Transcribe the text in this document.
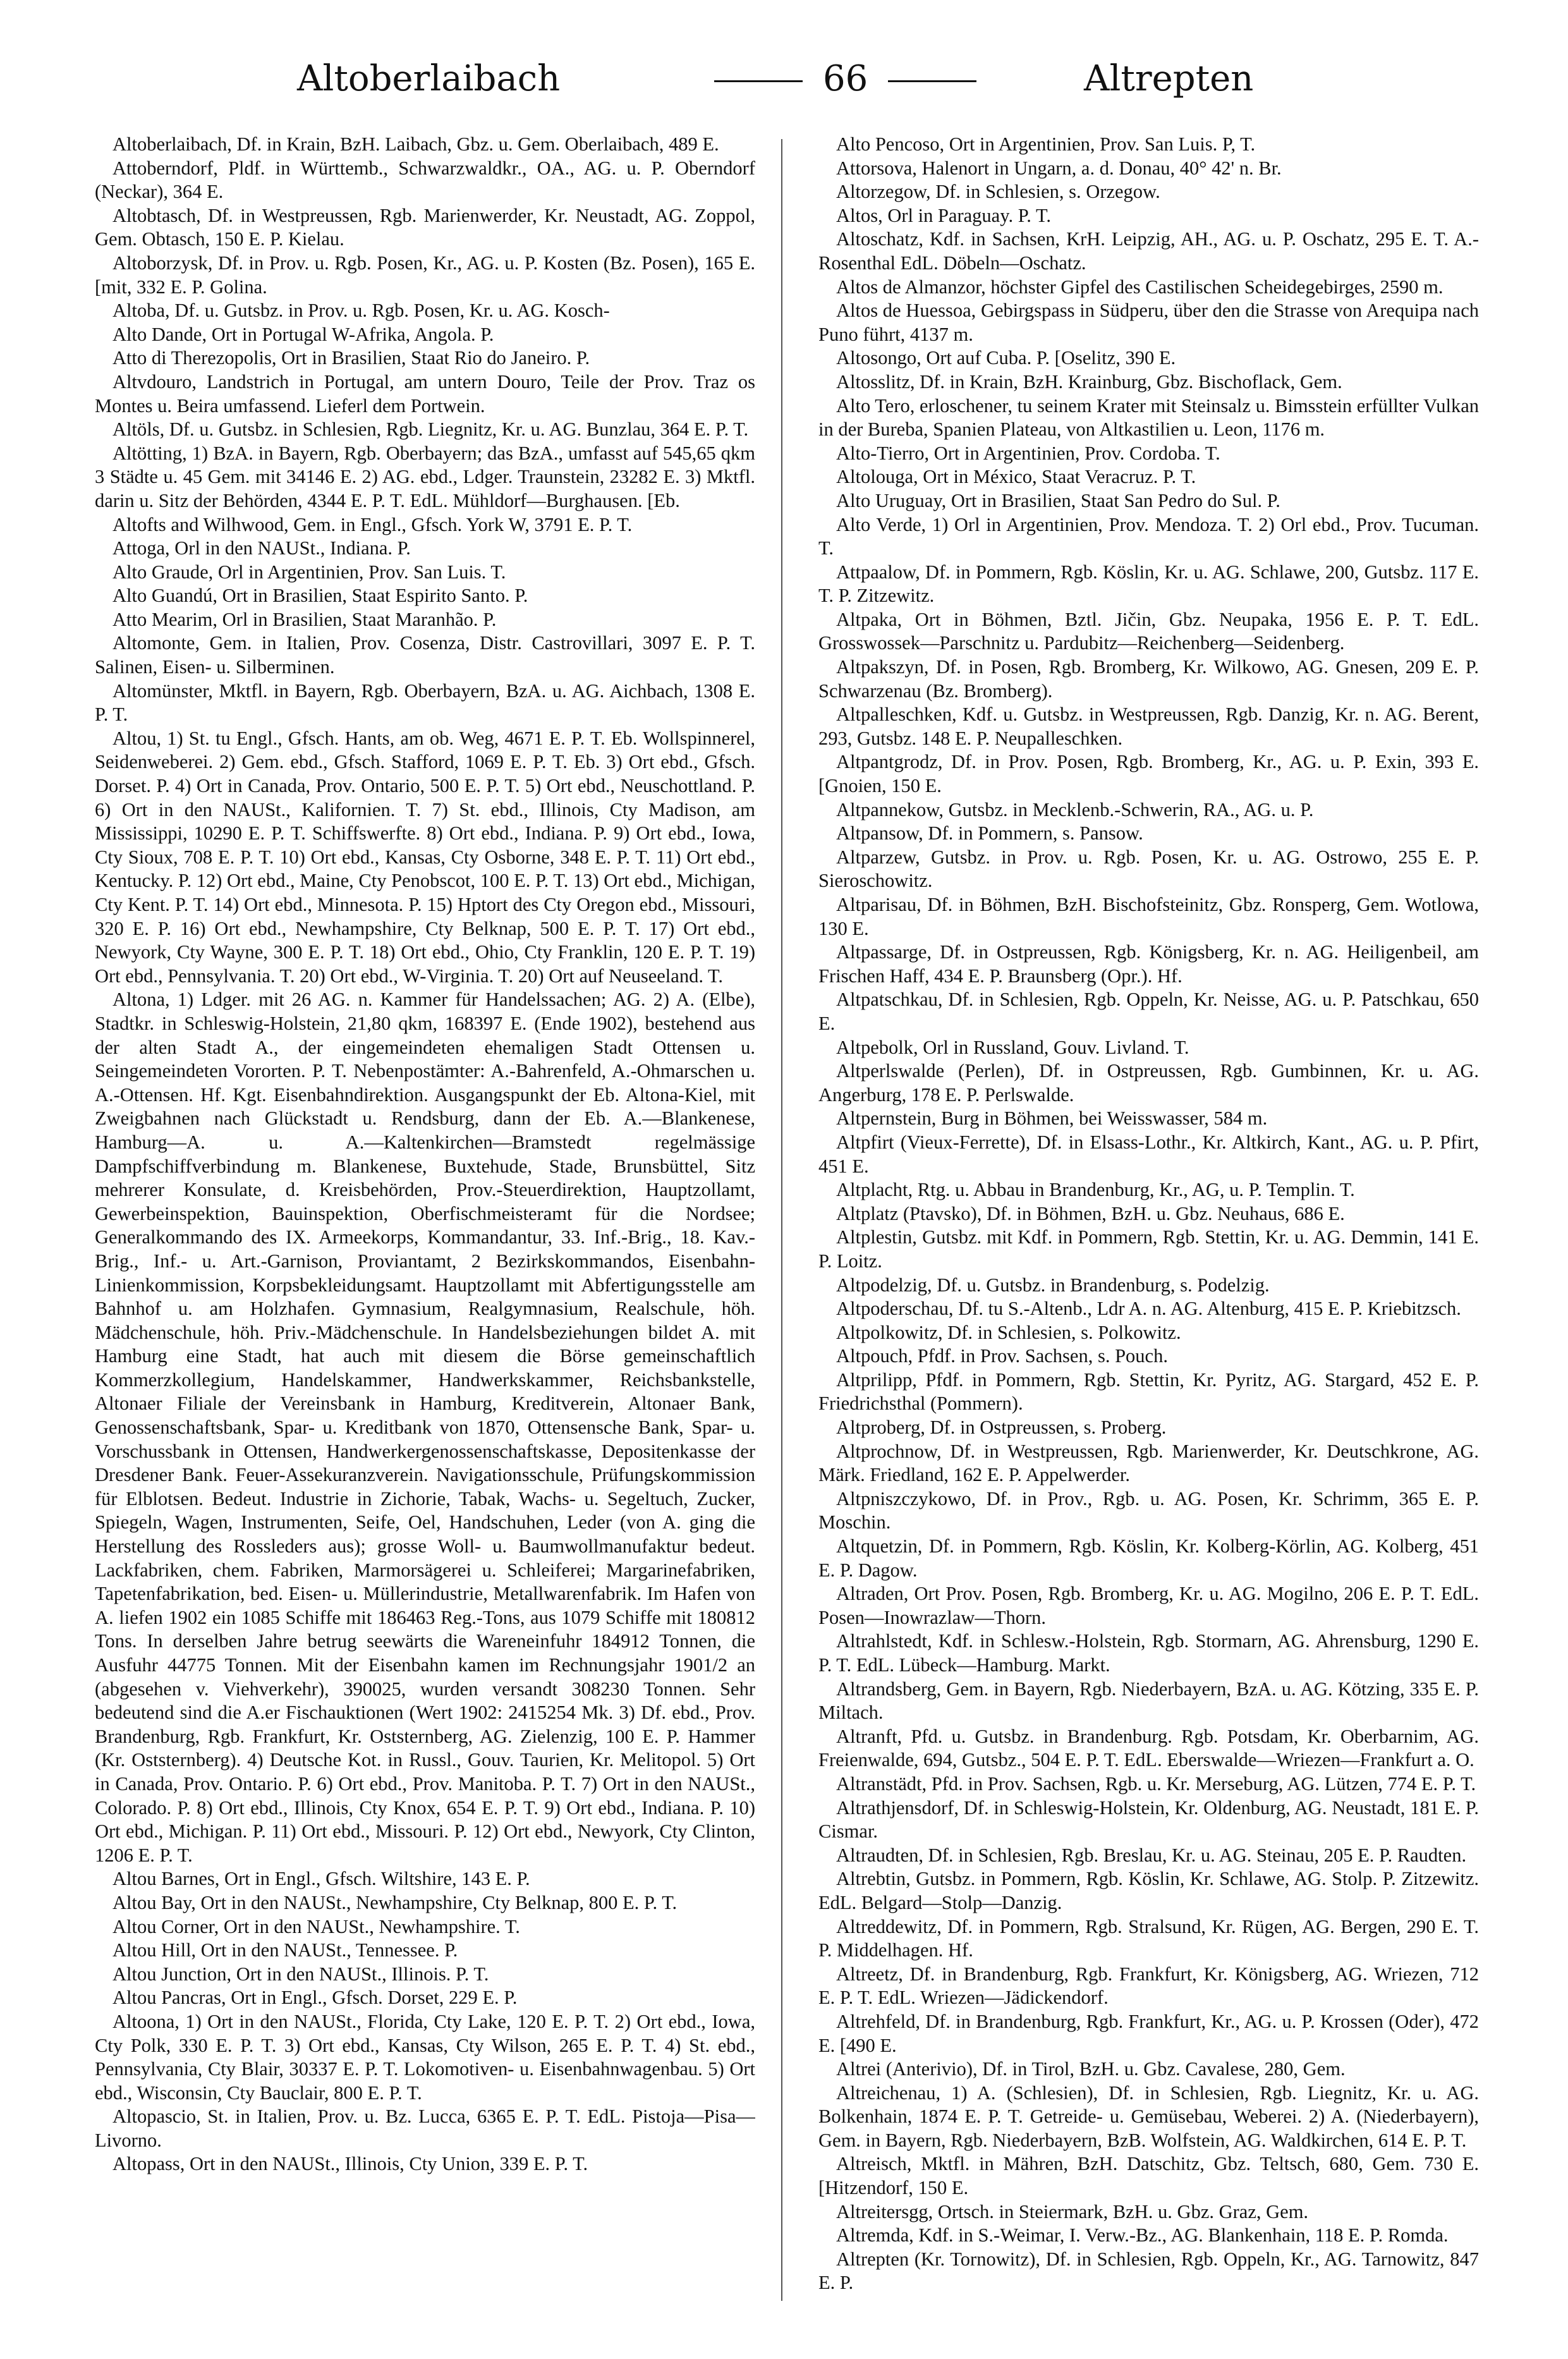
Altoberlaibach	66	Altrepten

Altoberlaibach, Df. in Krain, BzH. Laibach, Gbz. u. Gem. Oberlaibach, 489 E.

Attoberndorf, Pldf. in Württemb., Schwarzwaldkr., OA., AG. u. P. Oberndorf (Neckar), 364 E.

Altobtasch, Df. in Westpreussen, Rgb. Marienwerder, Kr. Neustadt, AG. Zoppol, Gem. Obtasch, 150 E. P. Kielau.

Altoborzysk, Df. in Prov. u. Rgb. Posen, Kr., AG. u. P. Kosten (Bz. Posen), 165 E. [mit, 332 E. P. Golina.

Altoba, Df. u. Gutsbz. in Prov. u. Rgb. Posen, Kr. u. AG. Kosch-

Alto Dande, Ort in Portugal W-Afrika, Angola. P.

Atto di Therezopolis, Ort in Brasilien, Staat Rio do Janeiro. P.

Altvdouro, Landstrich in Portugal, am untern Douro, Teile der Prov. Traz os Montes u. Beira umfassend. Lieferl dem Portwein.

Altöls, Df. u. Gutsbz. in Schlesien, Rgb. Liegnitz, Kr. u. AG. Bunzlau, 364 E. P. T.

Altötting, 1) BzA. in Bayern, Rgb. Oberbayern; das BzA., umfasst auf 545,65 qkm 3 Städte u. 45 Gem. mit 34146 E. 2) AG. ebd., Ldger. Traunstein, 23282 E. 3) Mktfl. darin u. Sitz der Behörden, 4344 E. P. T. EdL. Mühldorf—Burghausen. [Eb.

Altofts and Wilhwood, Gem. in Engl., Gfsch. York W, 3791 E. P. T.

Attoga, Orl in den NAUSt., Indiana. P.

Alto Graude, Orl in Argentinien, Prov. San Luis. T.

Alto Guandú, Ort in Brasilien, Staat Espirito Santo. P.

Atto Mearim, Orl in Brasilien, Staat Maranhão. P.

Altomonte, Gem. in Italien, Prov. Cosenza, Distr. Castrovillari, 3097 E. P. T. Salinen, Eisen- u. Silberminen.

Altomünster, Mktfl. in Bayern, Rgb. Oberbayern, BzA. u. AG. Aichbach, 1308 E. P. T.

Altou, 1) St. tu Engl., Gfsch. Hants, am ob. Weg, 4671 E. P. T. Eb. Wollspinnerel, Seidenweberei. 2) Gem. ebd., Gfsch. Stafford, 1069 E. P. T. Eb. 3) Ort ebd., Gfsch. Dorset. P. 4) Ort in Canada, Prov. Ontario, 500 E. P. T. 5) Ort ebd., Neuschottland. P. 6) Ort in den NAUSt., Kalifornien. T. 7) St. ebd., Illinois, Cty Madison, am Mississippi, 10290 E. P. T. Schiffswerfte. 8) Ort ebd., Indiana. P. 9) Ort ebd., Iowa, Cty Sioux, 708 E. P. T. 10) Ort ebd., Kansas, Cty Osborne, 348 E. P. T. 11) Ort ebd., Kentucky. P. 12) Ort ebd., Maine, Cty Penobscot, 100 E. P. T. 13) Ort ebd., Michigan, Cty Kent. P. T. 14) Ort ebd., Minnesota. P. 15) Hptort des Cty Oregon ebd., Missouri, 320 E. P. 16) Ort ebd., Newhampshire, Cty Belknap, 500 E. P. T. 17) Ort ebd., Newyork, Cty Wayne, 300 E. P. T. 18) Ort ebd., Ohio, Cty Franklin, 120 E. P. T. 19) Ort ebd., Pennsylvania. T. 20) Ort ebd., W-Virginia. T. 20) Ort auf Neuseeland. T.

Altona, 1) Ldger. mit 26 AG. n. Kammer für Handelssachen; AG. 2) A. (Elbe), Stadtkr. in Schleswig-Holstein, 21,80 qkm, 168397 E. (Ende 1902), bestehend aus der alten Stadt A., der eingemeindeten ehemaligen Stadt Ottensen u. Seingemeindeten Vororten. P. T. Nebenpostämter: A.-Bahrenfeld, A.-Ohmarschen u. A.-Ottensen. Hf. Kgt. Eisenbahndirektion. Ausgangspunkt der Eb. Altona-Kiel, mit Zweigbahnen nach Glückstadt u. Rendsburg, dann der Eb. A.—Blankenese, Hamburg—A. u. A.—Kaltenkirchen—Bramstedt regelmässige Dampfschiffverbindung m. Blankenese, Buxtehude, Stade, Brunsbüttel, Sitz mehrerer Konsulate, d. Kreisbehörden, Prov.-Steuerdirektion, Hauptzollamt, Gewerbeinspektion, Bauinspektion, Oberfischmeisteramt für die Nordsee; Generalkommando des IX. Armeekorps, Kommandantur, 33. Inf.-Brig., 18. Kav.-Brig., Inf.- u. Art.-Garnison, Proviantamt, 2 Bezirkskommandos, Eisenbahn-Linienkommission, Korpsbekleidungsamt. Hauptzollamt mit Abfertigungsstelle am Bahnhof u. am Holzhafen. Gymnasium, Realgymnasium, Realschule, höh. Mädchenschule, höh. Priv.-Mädchenschule. In Handelsbeziehungen bildet A. mit Hamburg eine Stadt, hat auch mit diesem die Börse gemeinschaftlich Kommerzkollegium, Handelskammer, Handwerkskammer, Reichsbankstelle, Altonaer Filiale der Vereinsbank in Hamburg, Kreditverein, Altonaer Bank, Genossenschaftsbank, Spar- u. Kreditbank von 1870, Ottensensche Bank, Spar- u. Vorschussbank in Ottensen, Handwerkergenossenschaftskasse, Depositenkasse der Dresdener Bank. Feuer-Assekuranzverein. Navigationsschule, Prüfungskommission für Elblotsen. Bedeut. Industrie in Zichorie, Tabak, Wachs- u. Segeltuch, Zucker, Spiegeln, Wagen, Instrumenten, Seife, Oel, Handschuhen, Leder (von A. ging die Herstellung des Rossleders aus); grosse Woll- u. Baumwollmanufaktur bedeut. Lackfabriken, chem. Fabriken, Marmorsägerei u. Schleiferei; Margarinefabriken, Tapetenfabrikation, bed. Eisen- u. Müllerindustrie, Metallwarenfabrik. Im Hafen von A. liefen 1902 ein 1085 Schiffe mit 186463 Reg.-Tons, aus 1079 Schiffe mit 180812 Tons. In derselben Jahre betrug seewärts die Wareneinfuhr 184912 Tonnen, die Ausfuhr 44775 Tonnen. Mit der Eisenbahn kamen im Rechnungsjahr 1901/2 an (abgesehen v. Viehverkehr), 390025, wurden versandt 308230 Tonnen. Sehr bedeutend sind die A.er Fischauktionen (Wert 1902: 2415254 Mk. 3) Df. ebd., Prov. Brandenburg, Rgb. Frankfurt, Kr. Oststernberg, AG. Zielenzig, 100 E. P. Hammer (Kr. Oststernberg). 4) Deutsche Kot. in Russl., Gouv. Taurien, Kr. Melitopol. 5) Ort in Canada, Prov. Ontario. P. 6) Ort ebd., Prov. Manitoba. P. T. 7) Ort in den NAUSt., Colorado. P. 8) Ort ebd., Illinois, Cty Knox, 654 E. P. T. 9) Ort ebd., Indiana. P. 10) Ort ebd., Michigan. P. 11) Ort ebd., Missouri. P. 12) Ort ebd., Newyork, Cty Clinton, 1206 E. P. T.

Altou Barnes, Ort in Engl., Gfsch. Wiltshire, 143 E. P.

Altou Bay, Ort in den NAUSt., Newhampshire, Cty Belknap, 800 E. P. T.

Altou Corner, Ort in den NAUSt., Newhampshire. T.

Altou Hill, Ort in den NAUSt., Tennessee. P.

Altou Junction, Ort in den NAUSt., Illinois. P. T.

Altou Pancras, Ort in Engl., Gfsch. Dorset, 229 E. P.

Altoona, 1) Ort in den NAUSt., Florida, Cty Lake, 120 E. P. T. 2) Ort ebd., Iowa, Cty Polk, 330 E. P. T. 3) Ort ebd., Kansas, Cty Wilson, 265 E. P. T. 4) St. ebd., Pennsylvania, Cty Blair, 30337 E. P. T. Lokomotiven- u. Eisenbahnwagenbau. 5) Ort ebd., Wisconsin, Cty Bauclair, 800 E. P. T.

Altopascio, St. in Italien, Prov. u. Bz. Lucca, 6365 E. P. T. EdL. Pistoja—Pisa—Livorno.

Altopass, Ort in den NAUSt., Illinois, Cty Union, 339 E. P. T.

Alto Pencoso, Ort in Argentinien, Prov. San Luis. P, T.

Attorsova, Halenort in Ungarn, a. d. Donau, 40° 42' n. Br.

Altorzegow, Df. in Schlesien, s. Orzegow.

Altos, Orl in Paraguay. P. T.

Altoschatz, Kdf. in Sachsen, KrH. Leipzig, AH., AG. u. P. Oschatz, 295 E. T. A.-Rosenthal EdL. Döbeln—Oschatz.

Altos de Almanzor, höchster Gipfel des Castilischen Scheidegebirges, 2590 m.

Altos de Huessoa, Gebirgspass in Südperu, über den die Strasse von Arequipa nach Puno führt, 4137 m.

Altosongo, Ort auf Cuba. P. [Oselitz, 390 E.

Altosslitz, Df. in Krain, BzH. Krainburg, Gbz. Bischoflack, Gem.

Alto Tero, erloschener, tu seinem Krater mit Steinsalz u. Bimsstein erfüllter Vulkan in der Bureba, Spanien Plateau, von Altkastilien u. Leon, 1176 m.

Alto-Tierro, Ort in Argentinien, Prov. Cordoba. T.

Altolouga, Ort in México, Staat Veracruz. P. T.

Alto Uruguay, Ort in Brasilien, Staat San Pedro do Sul. P.

Alto Verde, 1) Orl in Argentinien, Prov. Mendoza. T. 2) Orl ebd., Prov. Tucuman. T.

Attpaalow, Df. in Pommern, Rgb. Köslin, Kr. u. AG. Schlawe, 200, Gutsbz. 117 E. T. P. Zitzewitz.

Altpaka, Ort in Böhmen, Bztl. Jičin, Gbz. Neupaka, 1956 E. P. T. EdL. Grosswossek—Parschnitz u. Pardubitz—Reichenberg—Seidenberg.

Altpakszyn, Df. in Posen, Rgb. Bromberg, Kr. Wilkowo, AG. Gnesen, 209 E. P. Schwarzenau (Bz. Bromberg).

Altpalleschken, Kdf. u. Gutsbz. in Westpreussen, Rgb. Danzig, Kr. n. AG. Berent, 293, Gutsbz. 148 E. P. Neupalleschken.

Altpantgrodz, Df. in Prov. Posen, Rgb. Bromberg, Kr., AG. u. P. Exin, 393 E. [Gnoien, 150 E.

Altpannekow, Gutsbz. in Mecklenb.-Schwerin, RA., AG. u. P.

Altpansow, Df. in Pommern, s. Pansow.

Altparzew, Gutsbz. in Prov. u. Rgb. Posen, Kr. u. AG. Ostrowo, 255 E. P. Sieroschowitz.

Altparisau, Df. in Böhmen, BzH. Bischofsteinitz, Gbz. Ronsperg, Gem. Wotlowa, 130 E.

Altpassarge, Df. in Ostpreussen, Rgb. Königsberg, Kr. n. AG. Heiligenbeil, am Frischen Haff, 434 E. P. Braunsberg (Opr.). Hf.

Altpatschkau, Df. in Schlesien, Rgb. Oppeln, Kr. Neisse, AG. u. P. Patschkau, 650 E.

Altpebolk, Orl in Russland, Gouv. Livland. T.

Altperlswalde (Perlen), Df. in Ostpreussen, Rgb. Gumbinnen, Kr. u. AG. Angerburg, 178 E. P. Perlswalde.

Altpernstein, Burg in Böhmen, bei Weisswasser, 584 m.

Altpfirt (Vieux-Ferrette), Df. in Elsass-Lothr., Kr. Altkirch, Kant., AG. u. P. Pfirt, 451 E.

Altplacht, Rtg. u. Abbau in Brandenburg, Kr., AG, u. P. Templin. T.

Altplatz (Ptavsko), Df. in Böhmen, BzH. u. Gbz. Neuhaus, 686 E.

Altplestin, Gutsbz. mit Kdf. in Pommern, Rgb. Stettin, Kr. u. AG. Demmin, 141 E. P. Loitz.

Altpodelzig, Df. u. Gutsbz. in Brandenburg, s. Podelzig.

Altpoderschau, Df. tu S.-Altenb., Ldr A. n. AG. Altenburg, 415 E. P. Kriebitzsch.

Altpolkowitz, Df. in Schlesien, s. Polkowitz.

Altpouch, Pfdf. in Prov. Sachsen, s. Pouch.

Altprilipp, Pfdf. in Pommern, Rgb. Stettin, Kr. Pyritz, AG. Stargard, 452 E. P. Friedrichsthal (Pommern).

Altproberg, Df. in Ostpreussen, s. Proberg.

Altprochnow, Df. in Westpreussen, Rgb. Marienwerder, Kr. Deutschkrone, AG. Märk. Friedland, 162 E. P. Appelwerder.

Altpniszczykowo, Df. in Prov., Rgb. u. AG. Posen, Kr. Schrimm, 365 E. P. Moschin.

Altquetzin, Df. in Pommern, Rgb. Köslin, Kr. Kolberg-Körlin, AG. Kolberg, 451 E. P. Dagow.

Altraden, Ort Prov. Posen, Rgb. Bromberg, Kr. u. AG. Mogilno, 206 E. P. T. EdL. Posen—Inowrazlaw—Thorn.

Altrahlstedt, Kdf. in Schlesw.-Holstein, Rgb. Stormarn, AG. Ahrensburg, 1290 E. P. T. EdL. Lübeck—Hamburg. Markt.

Altrandsberg, Gem. in Bayern, Rgb. Niederbayern, BzA. u. AG. Kötzing, 335 E. P. Miltach.

Altranft, Pfd. u. Gutsbz. in Brandenburg. Rgb. Potsdam, Kr. Oberbarnim, AG. Freienwalde, 694, Gutsbz., 504 E. P. T. EdL. Eberswalde—Wriezen—Frankfurt a. O.

Altranstädt, Pfd. in Prov. Sachsen, Rgb. u. Kr. Merseburg, AG. Lützen, 774 E. P. T.

Altrathjensdorf, Df. in Schleswig-Holstein, Kr. Oldenburg, AG. Neustadt, 181 E. P. Cismar.

Altraudten, Df. in Schlesien, Rgb. Breslau, Kr. u. AG. Steinau, 205 E. P. Raudten.

Altrebtin, Gutsbz. in Pommern, Rgb. Köslin, Kr. Schlawe, AG. Stolp. P. Zitzewitz. EdL. Belgard—Stolp—Danzig.

Altreddewitz, Df. in Pommern, Rgb. Stralsund, Kr. Rügen, AG. Bergen, 290 E. T. P. Middelhagen. Hf.

Altreetz, Df. in Brandenburg, Rgb. Frankfurt, Kr. Königsberg, AG. Wriezen, 712 E. P. T. EdL. Wriezen—Jädickendorf.

Altrehfeld, Df. in Brandenburg, Rgb. Frankfurt, Kr., AG. u. P. Krossen (Oder), 472 E. [490 E.

Altrei (Anterivio), Df. in Tirol, BzH. u. Gbz. Cavalese, 280, Gem.

Altreichenau, 1) A. (Schlesien), Df. in Schlesien, Rgb. Liegnitz, Kr. u. AG. Bolkenhain, 1874 E. P. T. Getreide- u. Gemüsebau, Weberei. 2) A. (Niederbayern), Gem. in Bayern, Rgb. Niederbayern, BzB. Wolfstein, AG. Waldkirchen, 614 E. P. T.

Altreisch, Mktfl. in Mähren, BzH. Datschitz, Gbz. Teltsch, 680, Gem. 730 E. [Hitzendorf, 150 E.

Altreitersgg, Ortsch. in Steiermark, BzH. u. Gbz. Graz, Gem.

Altremda, Kdf. in S.-Weimar, I. Verw.-Bz., AG. Blankenhain, 118 E. P. Romda.

Altrepten (Kr. Tornowitz), Df. in Schlesien, Rgb. Oppeln, Kr., AG. Tarnowitz, 847 E. P.
